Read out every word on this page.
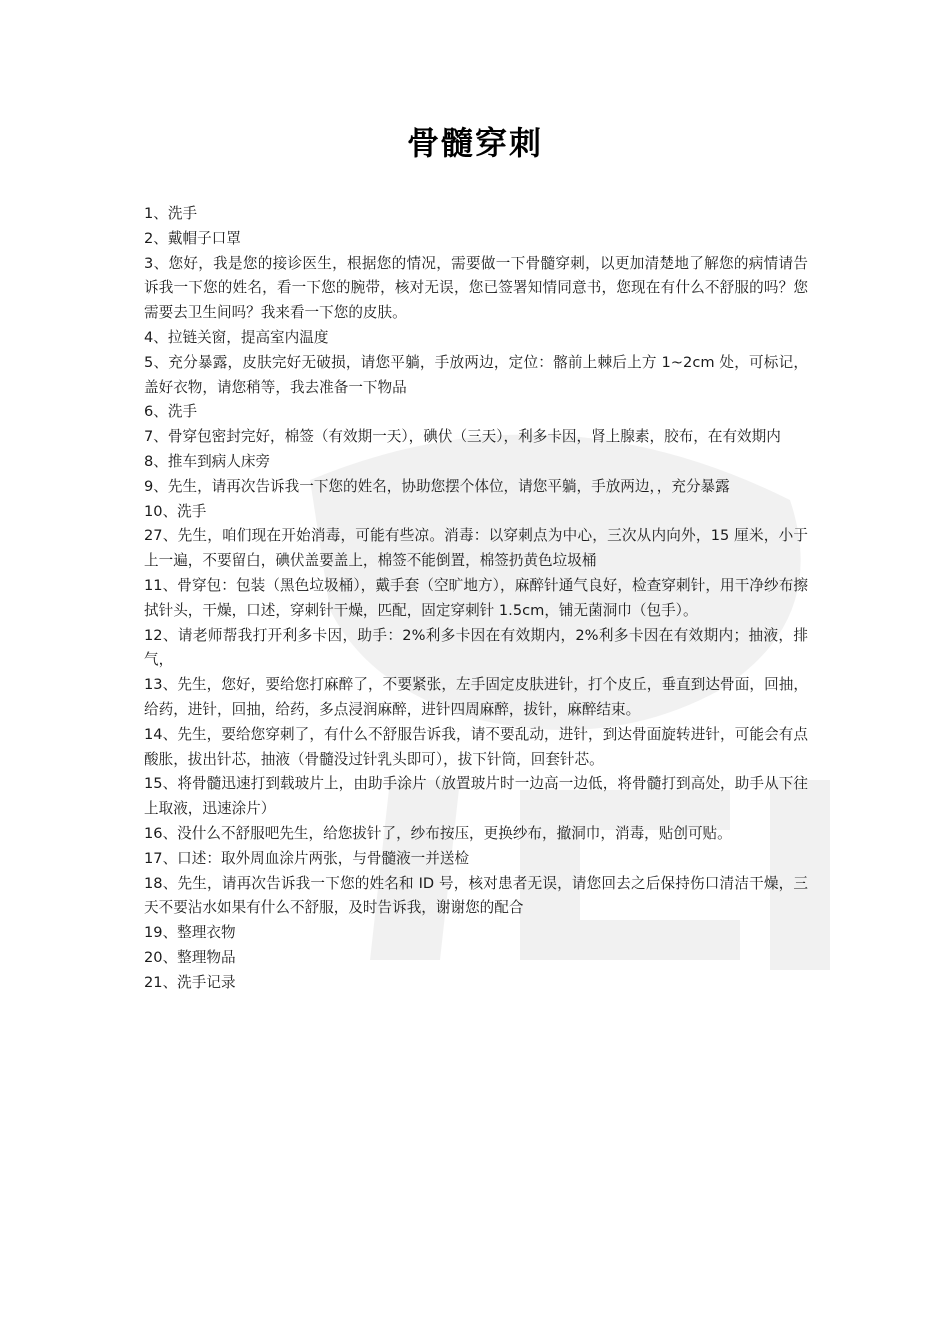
骨髓穿刺

1、洗手

2、戴帽子口罩

3、您好，我是您的接诊医生，根据您的情况，需要做一下骨髓穿刺，以更加清楚地了解您的病情请告诉我一下您的姓名，看一下您的腕带，核对无误，您已签署知情同意书，您现在有什么不舒服的吗？您需要去卫生间吗？我来看一下您的皮肤。

4、拉链关窗，提高室内温度

5、充分暴露，皮肤完好无破损，请您平躺，手放两边，定位：髂前上棘后上方 1~2cm 处，可标记，盖好衣物，请您稍等，我去准备一下物品

6、洗手

7、骨穿包密封完好，棉签（有效期一天），碘伏（三天），利多卡因，肾上腺素，胶布，在有效期内

8、推车到病人床旁

9、先生，请再次告诉我一下您的姓名，协助您摆个体位，请您平躺，手放两边，，充分暴露

10、洗手

27、先生，咱们现在开始消毒，可能有些凉。消毒：以穿刺点为中心，三次从内向外，15 厘米，小于上一遍，不要留白，碘伏盖要盖上，棉签不能倒置，棉签扔黄色垃圾桶

11、骨穿包：包装（黑色垃圾桶），戴手套（空旷地方），麻醉针通气良好，检查穿刺针，用干净纱布擦拭针头，干燥，口述，穿刺针干燥，匹配，固定穿刺针 1.5cm，铺无菌洞巾（包手）。

12、请老师帮我打开利多卡因，助手：2%利多卡因在有效期内，2%利多卡因在有效期内；抽液，排气，

13、先生，您好，要给您打麻醉了，不要紧张，左手固定皮肤进针，打个皮丘，垂直到达骨面，回抽，给药，进针，回抽，给药，多点浸润麻醉，进针四周麻醉，拔针，麻醉结束。

14、先生，要给您穿刺了，有什么不舒服告诉我，请不要乱动，进针，到达骨面旋转进针，可能会有点酸胀，拔出针芯，抽液（骨髓没过针乳头即可），拔下针筒，回套针芯。

15、将骨髓迅速打到载玻片上，由助手涂片（放置玻片时一边高一边低，将骨髓打到高处，助手从下往上取液，迅速涂片）

16、没什么不舒服吧先生，给您拔针了，纱布按压，更换纱布，撤洞巾，消毒，贴创可贴。

17、口述：取外周血涂片两张，与骨髓液一并送检

18、先生，请再次告诉我一下您的姓名和 ID 号，核对患者无误，请您回去之后保持伤口清洁干燥，三天不要沾水如果有什么不舒服，及时告诉我，谢谢您的配合

19、整理衣物

20、整理物品

21、洗手记录
